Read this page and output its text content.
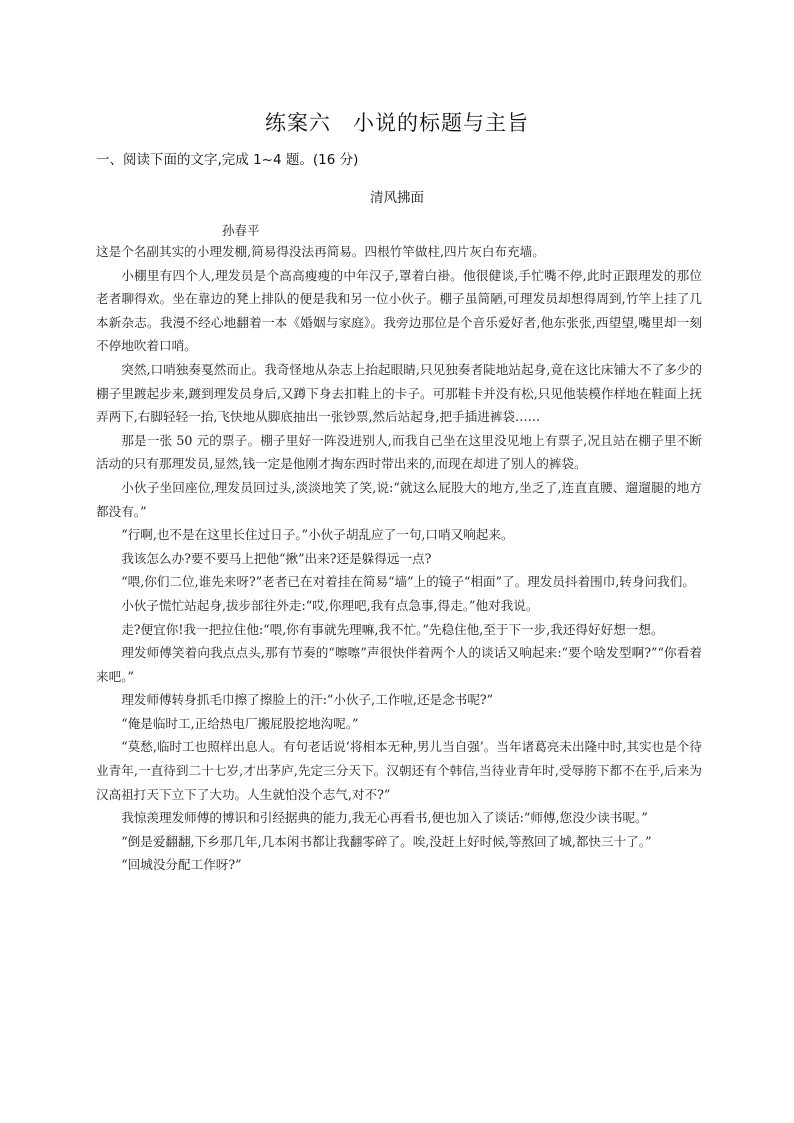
练案六　小说的标题与主旨
一、阅读下面的文字,完成 1~4 题。(16 分)
清风拂面
孙春平

这是个名副其实的小理发棚,简易得没法再简易。四根竹竿做柱,四片灰白布充墙。

小棚里有四个人,理发员是个高高瘦瘦的中年汉子,罩着白褂。他很健谈,手忙嘴不停,此时正跟理发的那位老者聊得欢。坐在靠边的凳上排队的便是我和另一位小伙子。棚子虽简陋,可理发员却想得周到,竹竿上挂了几本新杂志。我漫不经心地翻着一本《婚姻与家庭》。我旁边那位是个音乐爱好者,他东张张,西望望,嘴里却一刻不停地吹着口哨。

突然,口哨独奏戛然而止。我奇怪地从杂志上抬起眼睛,只见独奏者陡地站起身,竟在这比床铺大不了多少的棚子里踱起步来,踱到理发员身后,又蹲下身去扣鞋上的卡子。可那鞋卡并没有松,只见他装模作样地在鞋面上抚弄两下,右脚轻轻一抬,飞快地从脚底抽出一张钞票,然后站起身,把手插进裤袋……

那是一张 50 元的票子。棚子里好一阵没进别人,而我自己坐在这里没见地上有票子,况且站在棚子里不断活动的只有那理发员,显然,钱一定是他刚才掏东西时带出来的,而现在却进了别人的裤袋。

小伙子坐回座位,理发员回过头,淡淡地笑了笑,说:“就这么屁股大的地方,坐乏了,连直直腰、遛遛腿的地方都没有。”

“行啊,也不是在这里长住过日子。”小伙子胡乱应了一句,口哨又响起来。

我该怎么办?要不要马上把他“揪”出来?还是躲得远一点?

“喂,你们二位,谁先来呀?”老者已在对着挂在简易“墙”上的镜子“相面”了。理发员抖着围巾,转身问我们。

小伙子慌忙站起身,拔步部往外走:“哎,你理吧,我有点急事,得走。”他对我说。

走?便宜你!我一把拉住他:“喂,你有事就先理嘛,我不忙。”先稳住他,至于下一步,我还得好好想一想。

理发师傅笑着向我点点头,那有节奏的“嚓嚓”声很快伴着两个人的谈话又响起来:“要个啥发型啊?”“你看着来吧。”

理发师傅转身抓毛巾擦了擦脸上的汗:“小伙子,工作啦,还是念书呢?”

“俺是临时工,正给热电厂搬屁股挖地沟呢。”

“莫愁,临时工也照样出息人。有句老话说‘将相本无种,男儿当自强’。当年诸葛亮未出隆中时,其实也是个待业青年,一直待到二十七岁,才出茅庐,先定三分天下。汉朝还有个韩信,当待业青年时,受辱胯下都不在乎,后来为汉高祖打天下立下了大功。人生就怕没个志气,对不?”

我惊羡理发师傅的博识和引经据典的能力,我无心再看书,便也加入了谈话:“师傅,您没少读书呢。”

“倒是爱翻翻,下乡那几年,几本闲书都让我翻零碎了。唉,没赶上好时候,等熬回了城,都快三十了。”

“回城没分配工作呀?”
